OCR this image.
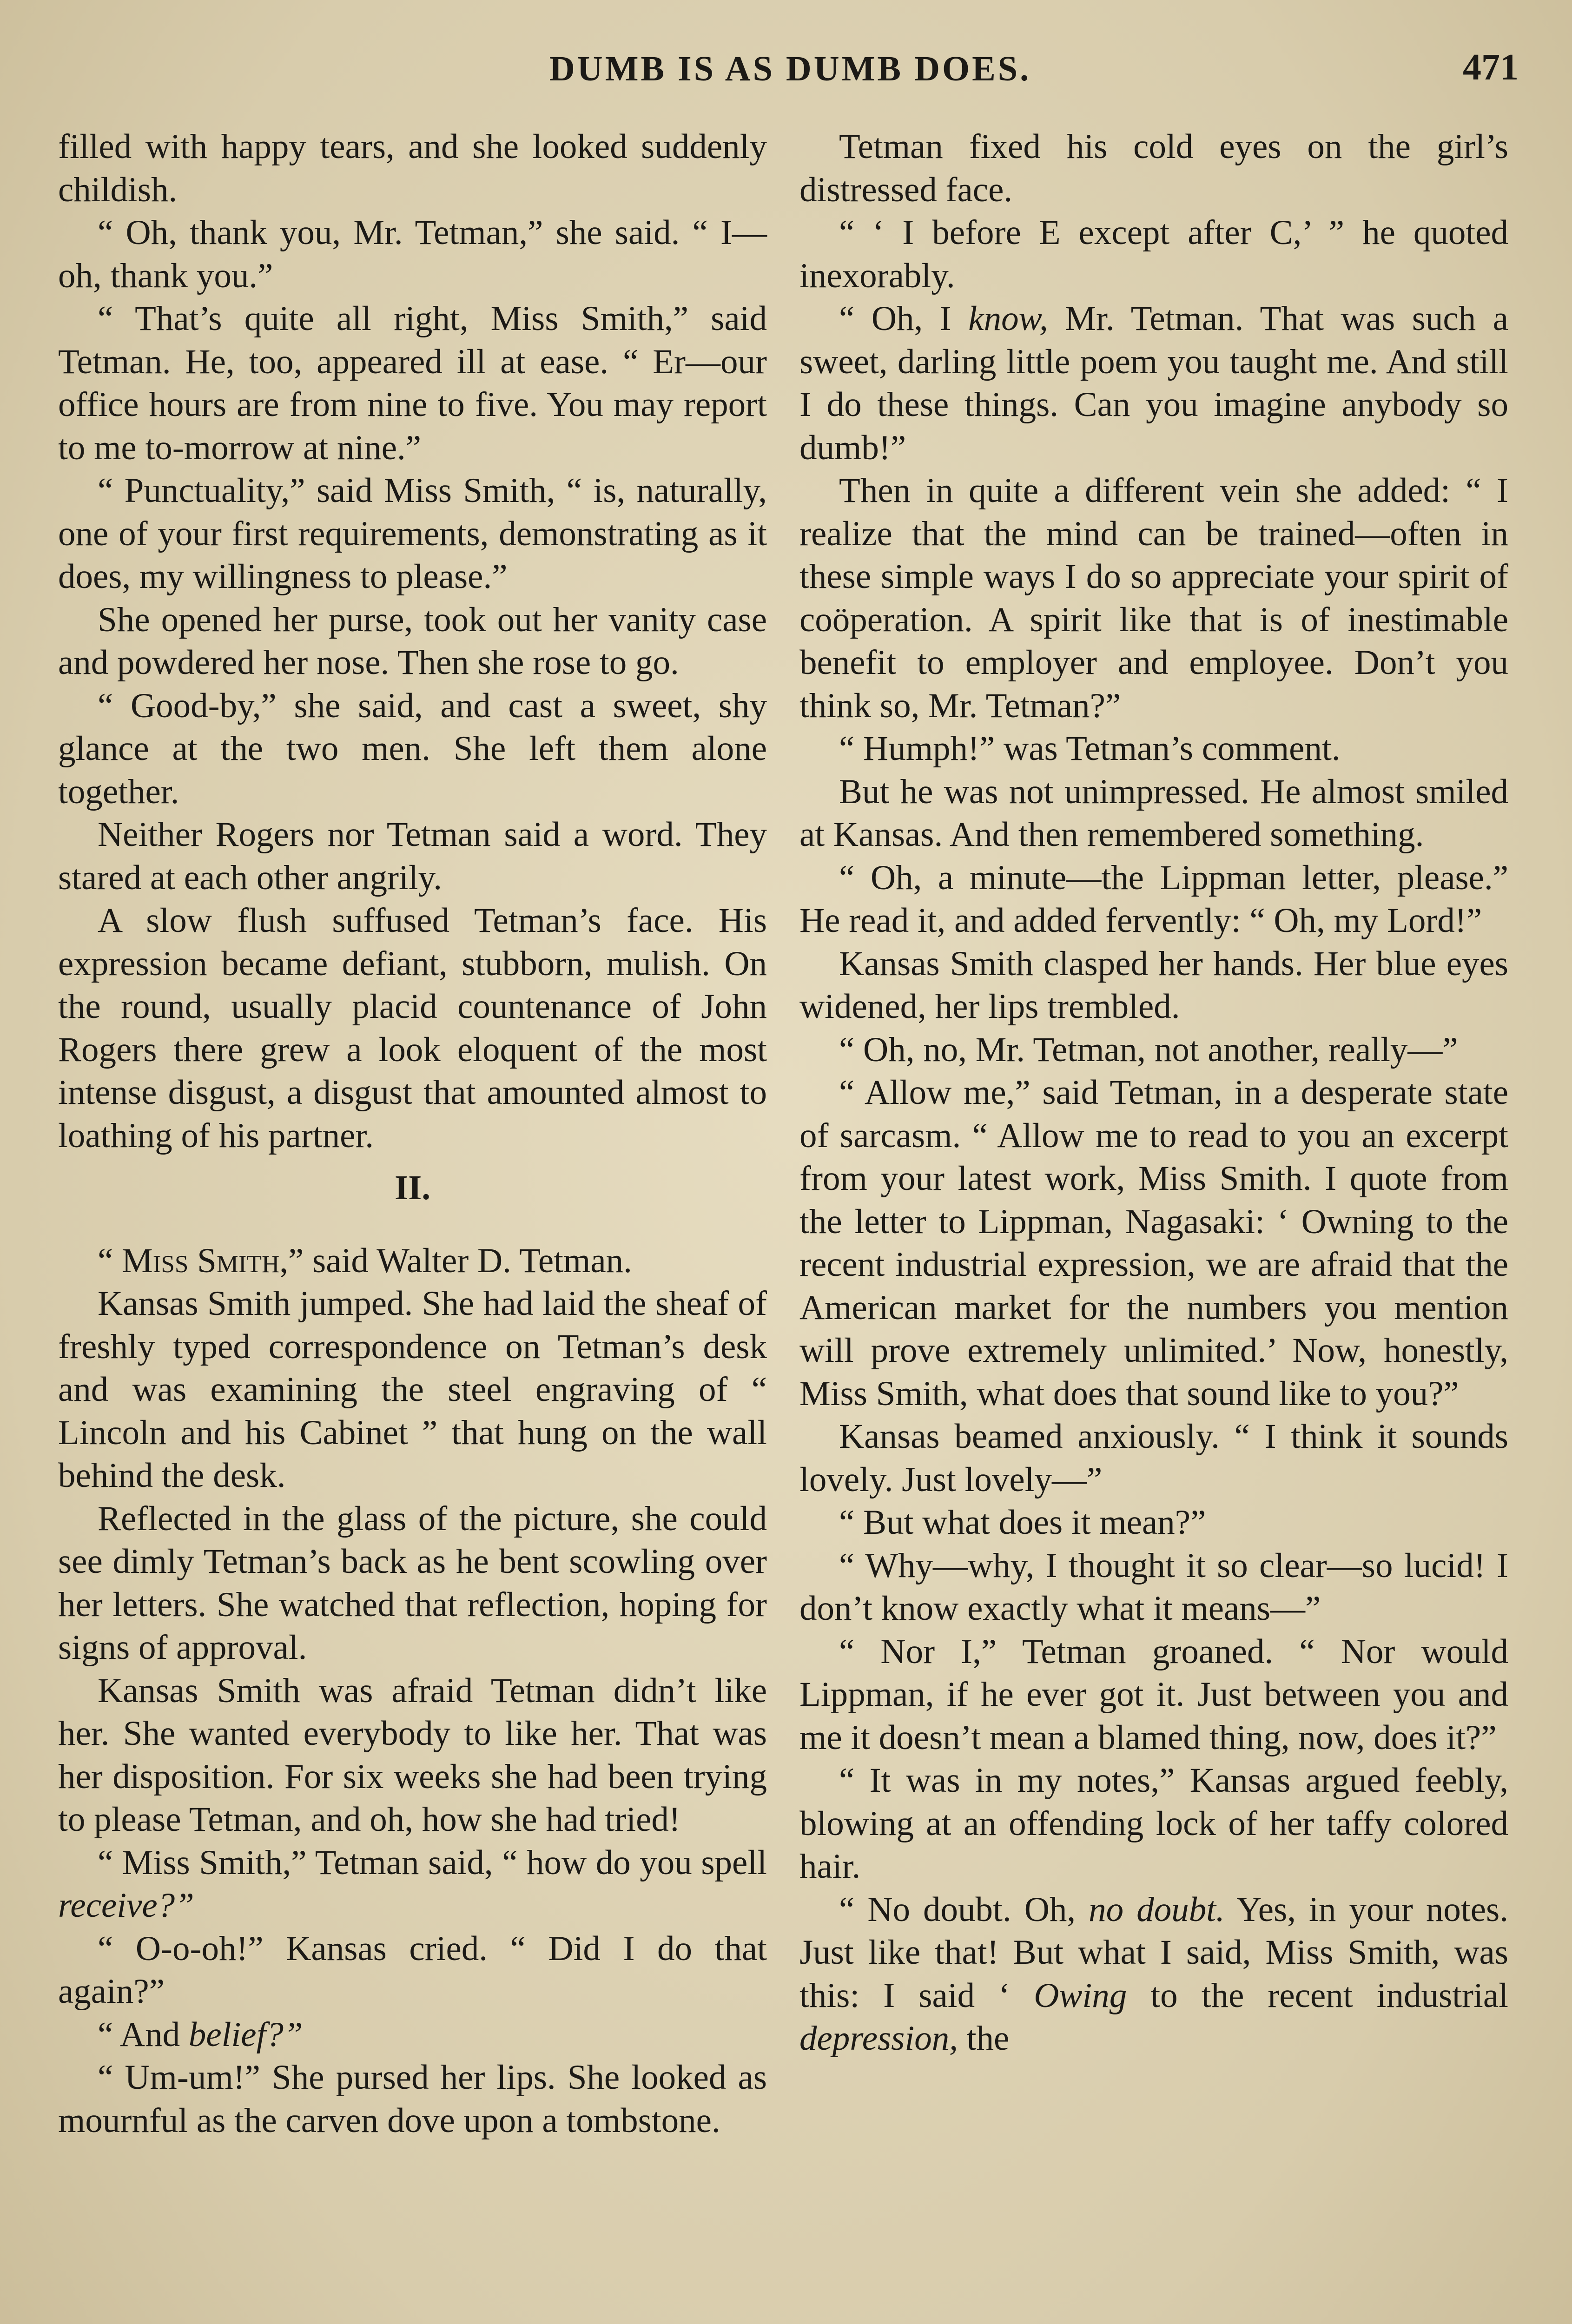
DUMB IS AS DUMB DOES.	471

filled with happy tears, and she looked suddenly childish.

“ Oh, thank you, Mr. Tetman,” she said. “ I—oh, thank you.”

“ That’s quite all right, Miss Smith,” said Tetman. He, too, appeared ill at ease. “ Er—our office hours are from nine to five. You may report to me to-morrow at nine.”

“ Punctuality,” said Miss Smith, “ is, naturally, one of your first requirements, demonstrating as it does, my willingness to please.”

She opened her purse, took out her vanity case and powdered her nose. Then she rose to go.

“ Good-by,” she said, and cast a sweet, shy glance at the two men. She left them alone together.

Neither Rogers nor Tetman said a word. They stared at each other angrily.

A slow flush suffused Tetman’s face. His expression became defiant, stubborn, mulish. On the round, usually placid countenance of John Rogers there grew a look eloquent of the most intense disgust, a disgust that amounted almost to loathing of his partner.

II.

“ Miss Smith,” said Walter D. Tetman.

Kansas Smith jumped. She had laid the sheaf of freshly typed correspondence on Tetman’s desk and was examining the steel engraving of “ Lincoln and his Cabinet ” that hung on the wall behind the desk.

Reflected in the glass of the picture, she could see dimly Tetman’s back as he bent scowling over her letters. She watched that reflection, hoping for signs of approval.

Kansas Smith was afraid Tetman didn’t like her. She wanted everybody to like her. That was her disposition. For six weeks she had been trying to please Tetman, and oh, how she had tried!

“ Miss Smith,” Tetman said, “ how do you spell receive?”

“ O-o-oh!” Kansas cried. “ Did I do that again?”

“ And belief?”

“ Um-um!” She pursed her lips. She looked as mournful as the carven dove upon a tombstone.

Tetman fixed his cold eyes on the girl’s distressed face.

“ ‘ I before E except after C,’ ” he quoted inexorably.

“ Oh, I know, Mr. Tetman. That was such a sweet, darling little poem you taught me. And still I do these things. Can you imagine anybody so dumb!”

Then in quite a different vein she added: “ I realize that the mind can be trained—often in these simple ways I do so appreciate your spirit of coöperation. A spirit like that is of inestimable benefit to employer and employee. Don’t you think so, Mr. Tetman?”

“ Humph!” was Tetman’s comment.

But he was not unimpressed. He almost smiled at Kansas. And then remembered something.

“ Oh, a minute—the Lippman letter, please.” He read it, and added fervently: “ Oh, my Lord!”

Kansas Smith clasped her hands. Her blue eyes widened, her lips trembled.

“ Oh, no, Mr. Tetman, not another, really—”

“ Allow me,” said Tetman, in a desperate state of sarcasm. “ Allow me to read to you an excerpt from your latest work, Miss Smith. I quote from the letter to Lippman, Nagasaki: ‘ Owning to the recent industrial expression, we are afraid that the American market for the numbers you mention will prove extremely unlimited.’ Now, honestly, Miss Smith, what does that sound like to you?”

Kansas beamed anxiously. “ I think it sounds lovely. Just lovely—”

“ But what does it mean?”

“ Why—why, I thought it so clear—so lucid! I don’t know exactly what it means—”

“ Nor I,” Tetman groaned. “ Nor would Lippman, if he ever got it. Just between you and me it doesn’t mean a blamed thing, now, does it?”

“ It was in my notes,” Kansas argued feebly, blowing at an offending lock of her taffy colored hair.

“ No doubt. Oh, no doubt. Yes, in your notes. Just like that! But what I said, Miss Smith, was this: I said ‘ Owing to the recent industrial depression, the
